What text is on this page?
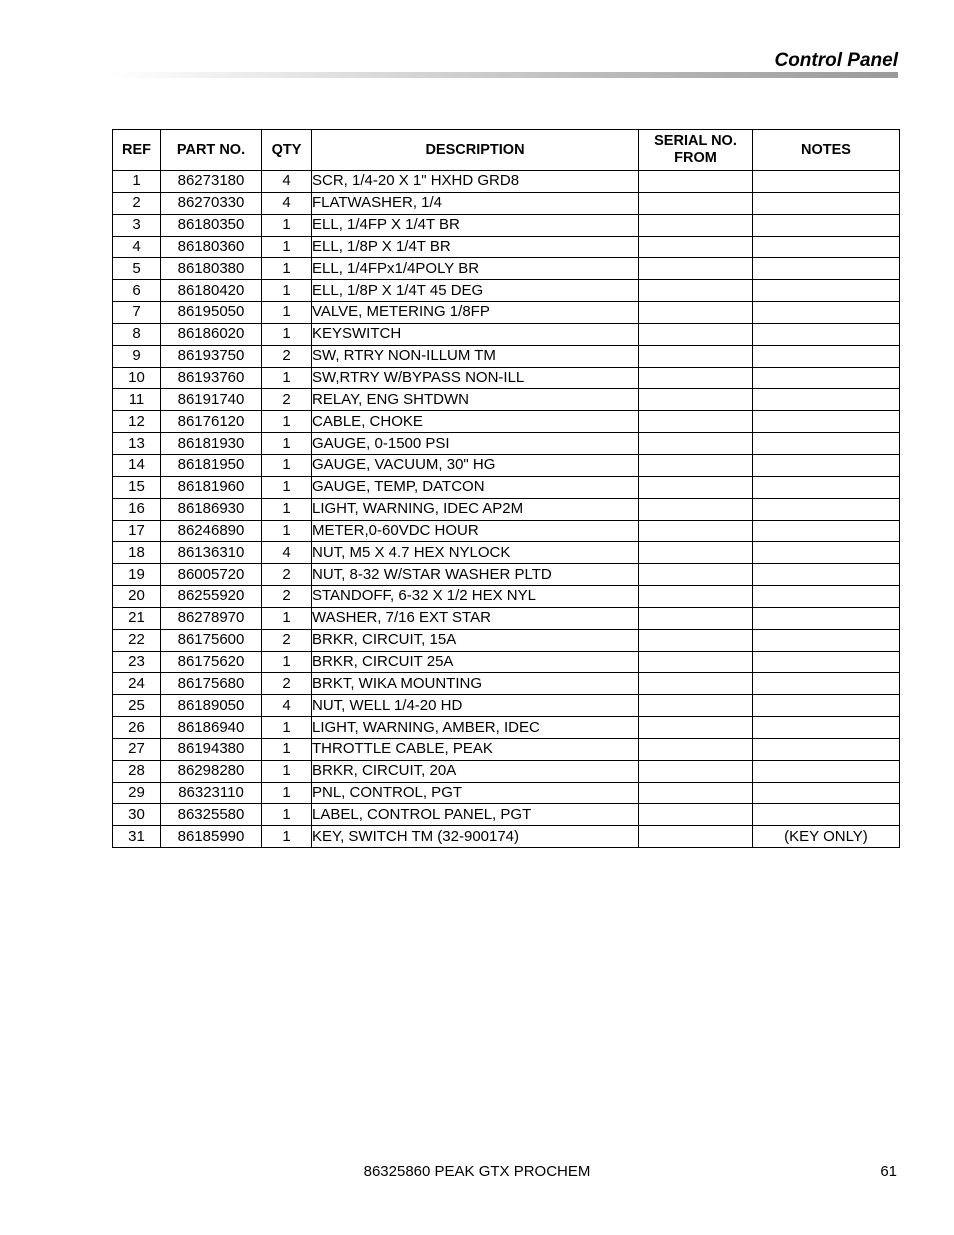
Control Panel
REF	PART NO.	QTY	DESCRIPTION	SERIAL NO. FROM	NOTES
1	86273180	4	SCR, 1/4-20 X 1" HXHD GRD8		
2	86270330	4	FLATWASHER, 1/4		
3	86180350	1	ELL, 1/4FP X 1/4T BR		
4	86180360	1	ELL, 1/8P X 1/4T BR		
5	86180380	1	ELL, 1/4FPx1/4POLY BR		
6	86180420	1	ELL, 1/8P X 1/4T 45 DEG		
7	86195050	1	VALVE, METERING 1/8FP		
8	86186020	1	KEYSWITCH		
9	86193750	2	SW, RTRY NON-ILLUM TM		
10	86193760	1	SW,RTRY W/BYPASS NON-ILL		
11	86191740	2	RELAY, ENG SHTDWN		
12	86176120	1	CABLE, CHOKE		
13	86181930	1	GAUGE, 0-1500 PSI		
14	86181950	1	GAUGE, VACUUM, 30" HG		
15	86181960	1	GAUGE, TEMP, DATCON		
16	86186930	1	LIGHT, WARNING, IDEC AP2M		
17	86246890	1	METER,0-60VDC HOUR		
18	86136310	4	NUT, M5 X 4.7 HEX NYLOCK		
19	86005720	2	NUT, 8-32 W/STAR WASHER PLTD		
20	86255920	2	STANDOFF, 6-32 X 1/2 HEX NYL		
21	86278970	1	WASHER, 7/16 EXT STAR		
22	86175600	2	BRKR, CIRCUIT, 15A		
23	86175620	1	BRKR, CIRCUIT 25A		
24	86175680	2	BRKT, WIKA MOUNTING		
25	86189050	4	NUT, WELL 1/4-20 HD		
26	86186940	1	LIGHT, WARNING, AMBER, IDEC		
27	86194380	1	THROTTLE CABLE, PEAK		
28	86298280	1	BRKR, CIRCUIT, 20A		
29	86323110	1	PNL, CONTROL, PGT		
30	86325580	1	LABEL, CONTROL PANEL, PGT		
31	86185990	1	KEY, SWITCH TM (32-900174)		(KEY ONLY)
86325860 PEAK GTX PROCHEM	61
